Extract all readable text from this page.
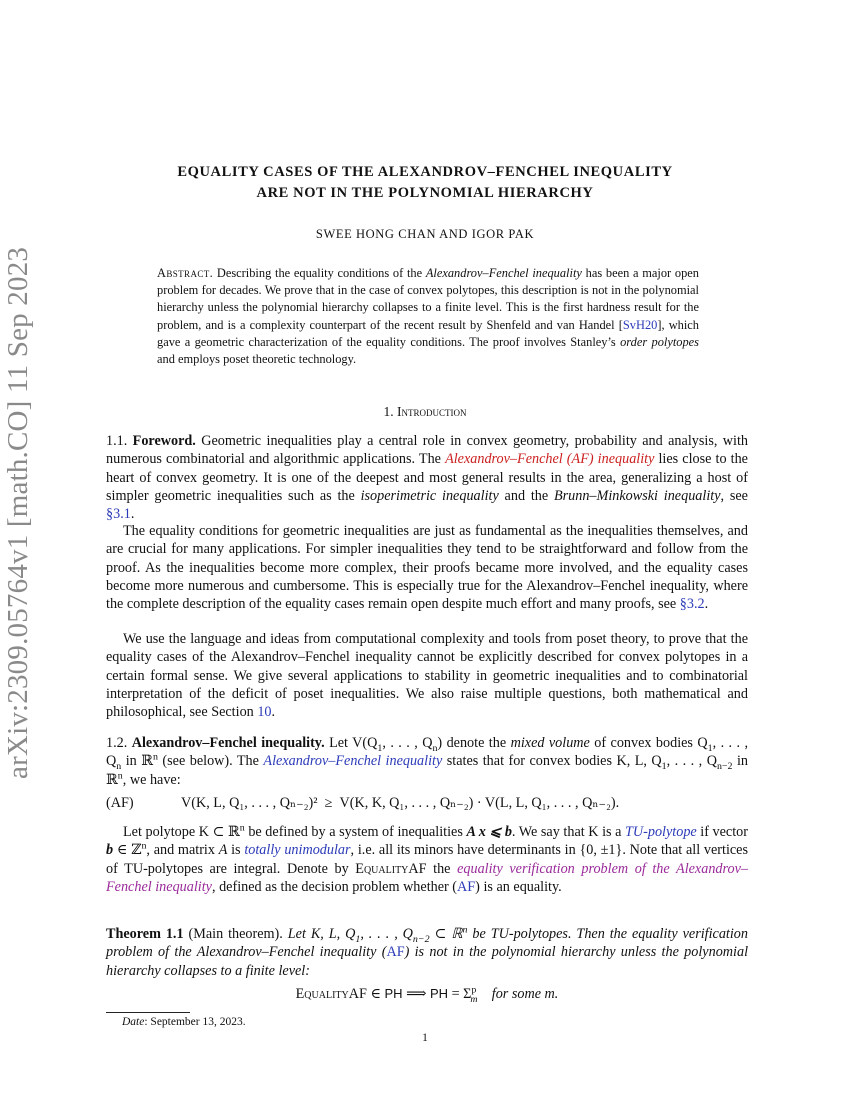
arXiv:2309.05764v1 [math.CO] 11 Sep 2023
EQUALITY CASES OF THE ALEXANDROV–FENCHEL INEQUALITY
ARE NOT IN THE POLYNOMIAL HIERARCHY
SWEE HONG CHAN AND IGOR PAK
Abstract. Describing the equality conditions of the Alexandrov–Fenchel inequality has been a major open problem for decades. We prove that in the case of convex polytopes, this description is not in the polynomial hierarchy unless the polynomial hierarchy collapses to a finite level. This is the first hardness result for the problem, and is a complexity counterpart of the recent result by Shenfeld and van Handel [SvH20], which gave a geometric characterization of the equality conditions. The proof involves Stanley’s order polytopes and employs poset theoretic technology.
1. Introduction

1.1. Foreword. Geometric inequalities play a central role in convex geometry, probability and analysis, with numerous combinatorial and algorithmic applications. The Alexandrov–Fenchel (AF) inequality lies close to the heart of convex geometry. It is one of the deepest and most general results in the area, generalizing a host of simpler geometric inequalities such as the isoperimetric inequality and the Brunn–Minkowski inequality, see §3.1.

The equality conditions for geometric inequalities are just as fundamental as the inequalities themselves, and are crucial for many applications. For simpler inequalities they tend to be straightforward and follow from the proof. As the inequalities become more complex, their proofs became more involved, and the equality cases become more numerous and cumbersome. This is especially true for the Alexandrov–Fenchel inequality, where the complete description of the equality cases remain open despite much effort and many proofs, see §3.2.

We use the language and ideas from computational complexity and tools from poset theory, to prove that the equality cases of the Alexandrov–Fenchel inequality cannot be explicitly described for convex polytopes in a certain formal sense. We give several applications to stability in geometric inequalities and to combinatorial interpretation of the deficit of poset inequalities. We also raise multiple questions, both mathematical and philosophical, see Section 10.

1.2. Alexandrov–Fenchel inequality. Let $V(Q_1$, . . . , $Q_n$) denote the mixed volume of convex bodies $Q_1$, . . . , $Q_n$ in ℝ$^n$ (see below). The Alexandrov–Fenchel inequality states that for convex bodies K, L, $Q_1$, . . . , $Q_{n-2}$ in ℝ$^n$, we have:

(AF)	V(K, L, Q₁, . . . , Qₙ₋₂)² ≥ V(K, K, Q₁, . . . , Qₙ₋₂) · V(L, L, Q₁, . . . , Qₙ₋₂).

Let polytope K ⊂ ℝ$^n$ be defined by a system of inequalities A x ⩽ b. We say that K is a TU-polytope if vector b ∈ ℤ$^n$, and matrix A is totally unimodular, i.e. all its minors have determinants in {0, ±1}. Note that all vertices of TU-polytopes are integral. Denote by EqualityAF the equality verification problem of the Alexandrov–Fenchel inequality, defined as the decision problem whether (AF) is an equality.

Theorem 1.1 (Main theorem). Let K, L, $Q_1$, . . . , $Q_{n-2}$ ⊂ ℝ$^n$ be TU-polytopes. Then the equality verification problem of the Alexandrov–Fenchel inequality (AF) is not in the polynomial hierarchy unless the polynomial hierarchy collapses to a finite level:

EqualityAF ∈ PH ⟹ PH = $\Sigma^p_m$ for some m.
Date: September 13, 2023.
1
